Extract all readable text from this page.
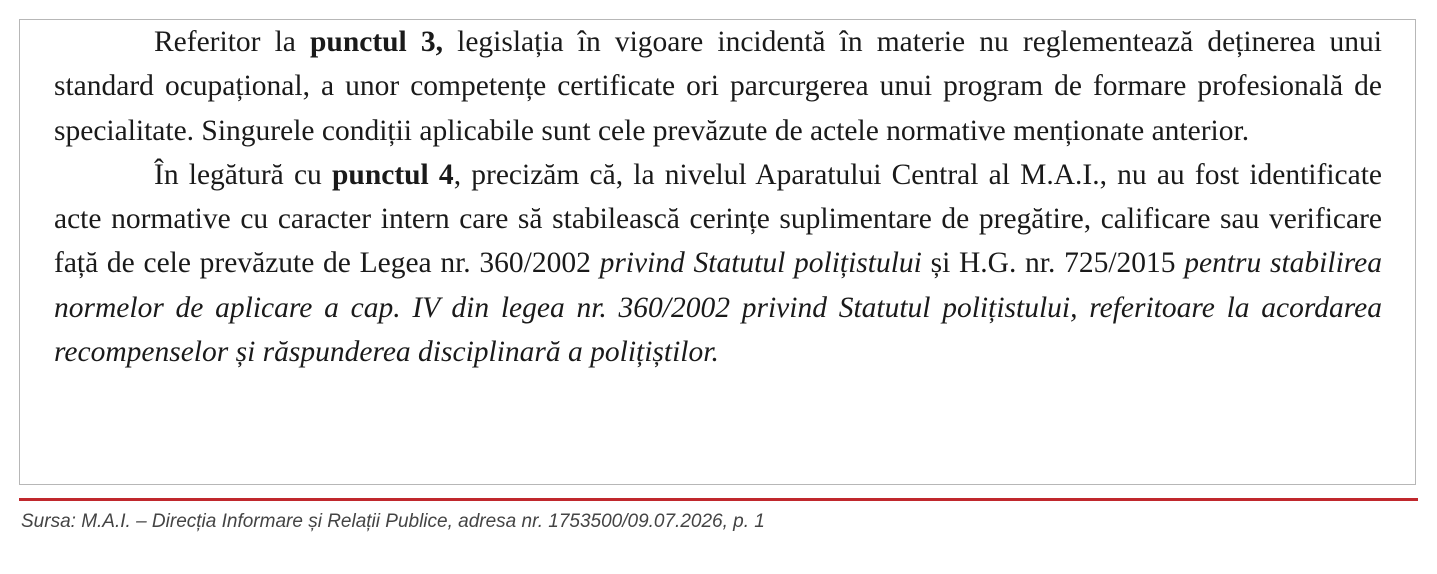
Referitor la punctul 3, legislația în vigoare incidentă în materie nu reglementează deținerea unui standard ocupațional, a unor competențe certificate ori parcurgerea unui program de formare profesională de specialitate. Singurele condiții aplicabile sunt cele prevăzute de actele normative menționate anterior.

În legătură cu punctul 4, precizăm că, la nivelul Aparatului Central al M.A.I., nu au fost identificate acte normative cu caracter intern care să stabilească cerințe suplimentare de pregătire, calificare sau verificare față de cele prevăzute de Legea nr. 360/2002 privind Statutul polițistului și H.G. nr. 725/2015 pentru stabilirea normelor de aplicare a cap. IV din legea nr. 360/2002 privind Statutul polițistului, referitoare la acordarea recompenselor și răspunderea disciplinară a polițiștilor.

Sursa: M.A.I. – Direcția Informare și Relații Publice, adresa nr. 1753500/09.07.2026, p. 1
